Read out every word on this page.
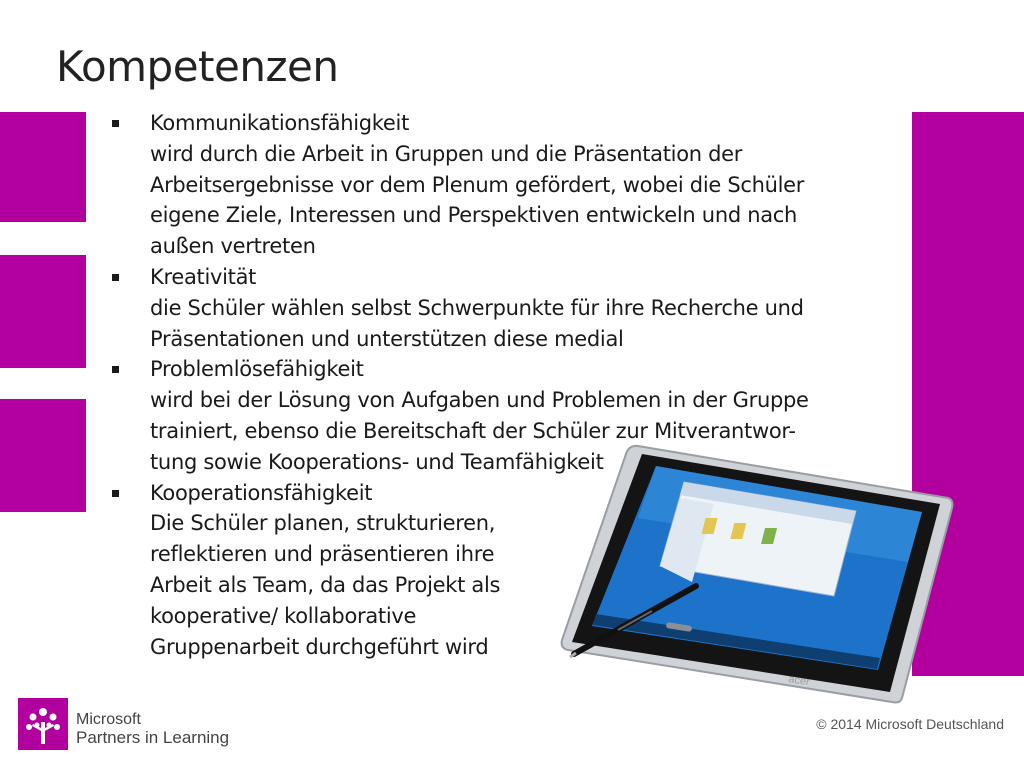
Kompetenzen
Kommunikationsfähigkeit
wird durch die Arbeit in Gruppen und die Präsentation der
Arbeitsergebnisse vor dem Plenum gefördert, wobei die Schüler
eigene Ziele, Interessen und Perspektiven entwickeln und nach
außen vertreten
Kreativität
die Schüler wählen selbst Schwerpunkte für ihre Recherche und
Präsentationen und unterstützen diese medial
Problemlösefähigkeit
wird bei der Lösung von Aufgaben und Problemen in der Gruppe
trainiert, ebenso die Bereitschaft der Schüler zur Mitverantwor-
tung sowie Kooperations- und Teamfähigkeit
Kooperationsfähigkeit
Die Schüler planen, strukturieren,
reflektieren und präsentieren ihre
Arbeit als Team, da das Projekt als
kooperative/ kollaborative
Gruppenarbeit durchgeführt wird
acer
Microsoft
Partners in Learning
© 2014 Microsoft Deutschland
